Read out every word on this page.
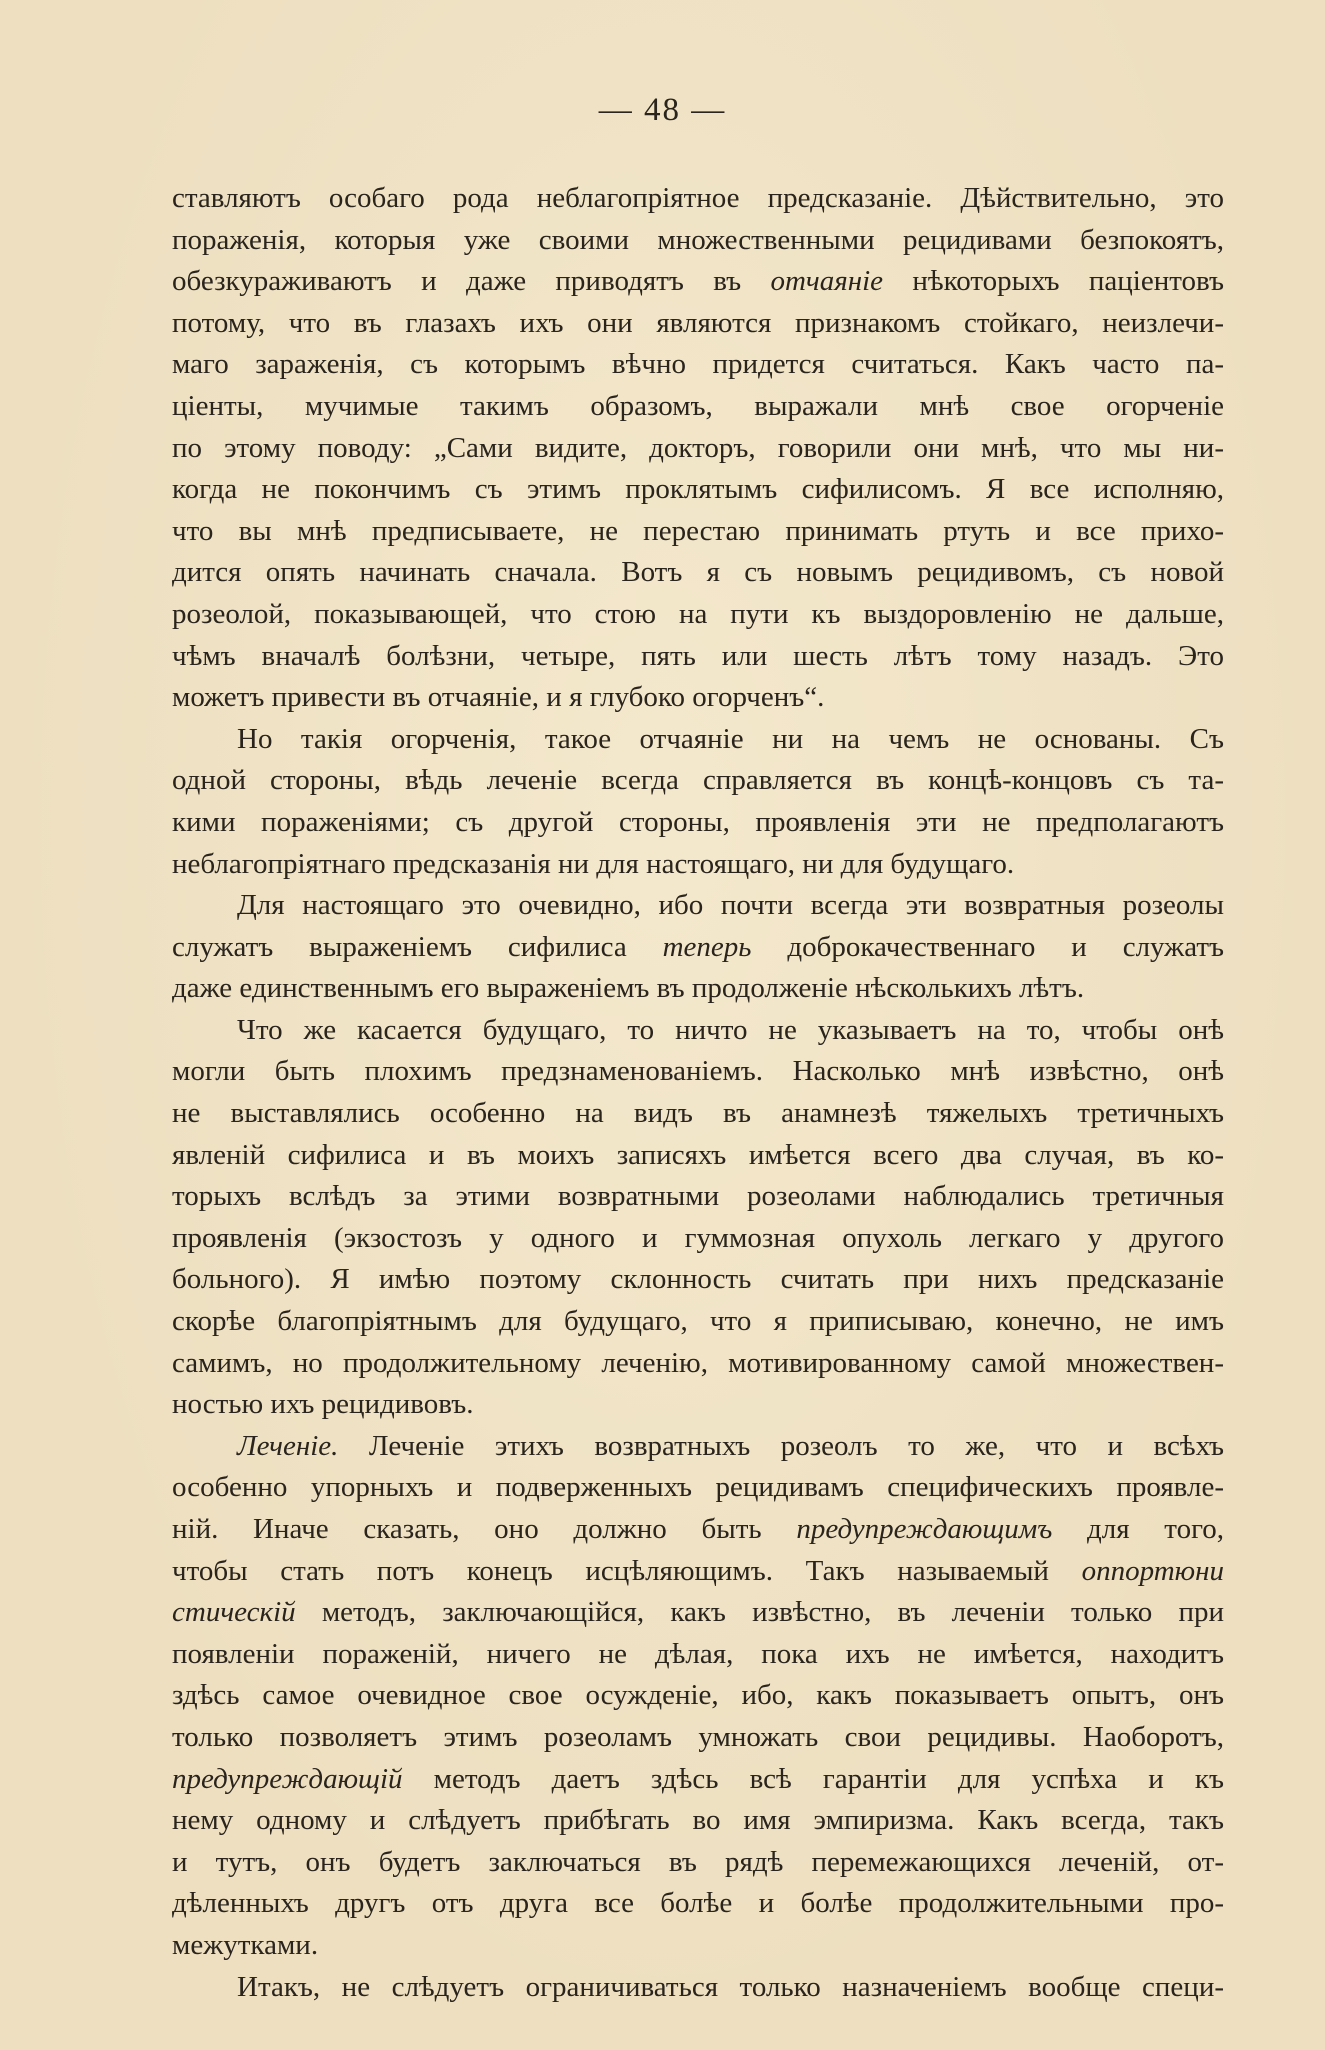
— 48 —
ставляютъ особаго рода неблагопріятное предсказаніе. Дѣйствительно, это
пораженія, которыя уже своими множественными рецидивами безпокоятъ,
обезкураживаютъ и даже приводятъ въ отчаяніе нѣкоторыхъ пацiентовъ
потому, что въ глазахъ ихъ они являются признакомъ стойкаго, неизлечи-
маго зараженія, съ которымъ вѣчно придется считаться. Какъ часто па-
ціенты, мучимые такимъ образомъ, выражали мнѣ свое огорченіе
по этому поводу: „Сами видите, докторъ, говорили они мнѣ, что мы ни-
когда не покончимъ съ этимъ проклятымъ сифилисомъ. Я все исполняю,
что вы мнѣ предписываете, не перестаю принимать ртуть и все прихо-
дится опять начинать сначала. Вотъ я съ новымъ рецидивомъ, съ новой
розеолой, показывающей, что стою на пути къ выздоровленію не дальше,
чѣмъ вначалѣ болѣзни, четыре, пять или шесть лѣтъ тому назадъ. Это
можетъ привести въ отчаяніе, и я глубоко огорченъ“.
Но такія огорченія, такое отчаяніе ни на чемъ не основаны. Съ
одной стороны, вѣдь леченіе всегда справляется въ концѣ-концовъ съ та-
кими пораженіями; съ другой стороны, проявленія эти не предполагаютъ
неблагопріятнаго предсказанія ни для настоящаго, ни для будущаго.
Для настоящаго это очевидно, ибо почти всегда эти возвратныя розеолы
служатъ выраженіемъ сифилиса теперь доброкачественнаго и служатъ
даже единственнымъ его выраженіемъ въ продолженіе нѣсколькихъ лѣтъ.
Что же касается будущаго, то ничто не указываетъ на то, чтобы онѣ
могли быть плохимъ предзнаменованіемъ. Насколько мнѣ извѣстно, онѣ
не выставлялись особенно на видъ въ анамнезѣ тяжелыхъ третичныхъ
явленій сифилиса и въ моихъ записяхъ имѣется всего два случая, въ ко-
торыхъ вслѣдъ за этими возвратными розеолами наблюдались третичныя
проявленія (экзостозъ у одного и гуммозная опухоль легкаго у другого
больного). Я имѣю поэтому склонность считать при нихъ предсказаніе
скорѣе благопріятнымъ для будущаго, что я приписываю, конечно, не имъ
самимъ, но продолжительному леченію, мотивированному самой множествен-
ностью ихъ рецидивовъ.
Леченіе. Леченіе этихъ возвратныхъ розеолъ то же, что и всѣхъ
особенно упорныхъ и подверженныхъ рецидивамъ специфическихъ проявле-
ній. Иначе сказать, оно должно быть предупреждающимъ для того,
чтобы стать потъ конецъ исцѣляющимъ. Такъ называемый оппортюни
стическій методъ, заключающійся, какъ извѣстно, въ леченіи только при
появленіи пораженій, ничего не дѣлая, пока ихъ не имѣется, находитъ
здѣсь самое очевидное свое осужденіе, ибо, какъ показываетъ опытъ, онъ
только позволяетъ этимъ розеоламъ умножать свои рецидивы. Наоборотъ,
предупреждающій методъ даетъ здѣсь всѣ гарантіи для успѣха и къ
нему одному и слѣдуетъ прибѣгать во имя эмпиризма. Какъ всегда, такъ
и тутъ, онъ будетъ заключаться въ рядѣ перемежающихся леченій, от-
дѣленныхъ другъ отъ друга все болѣе и болѣе продолжительными про-
межутками.
Итакъ, не слѣдуетъ ограничиваться только назначеніемъ вообще специ-
